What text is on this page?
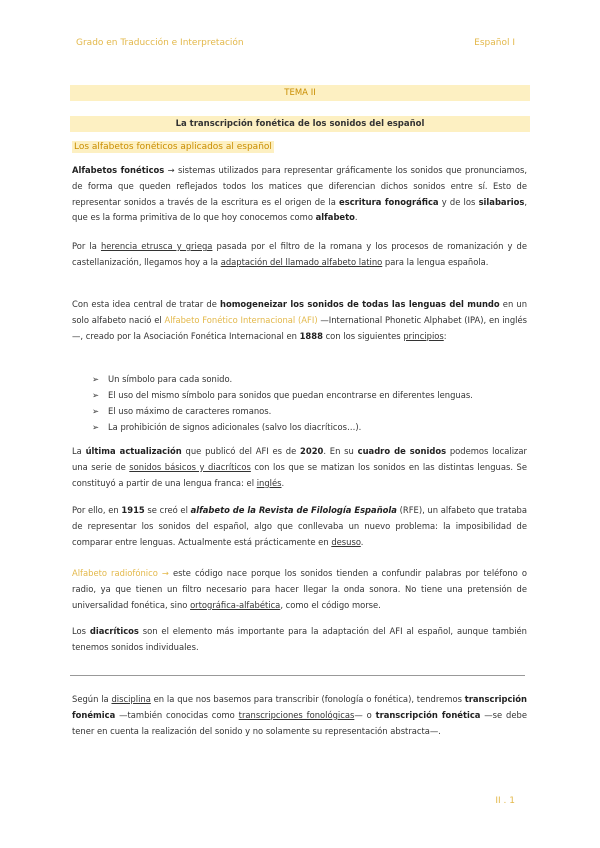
Grado en Traducción e Interpretación	Español I
TEMA II
La transcripción fonética de los sonidos del español
Los alfabetos fonéticos aplicados al español

Alfabetos fonéticos → sistemas utilizados para representar gráficamente los sonidos que pronunciamos, de forma que queden reflejados todos los matices que diferencian dichos sonidos entre sí. Esto de representar sonidos a través de la escritura es el origen de la escritura fonográfica y de los silabarios, que es la forma primitiva de lo que hoy conocemos como alfabeto.

Por la herencia etrusca y griega pasada por el filtro de la romana y los procesos de romanización y de castellanización, llegamos hoy a la adaptación del llamado alfabeto latino para la lengua española.

Con esta idea central de tratar de homogeneizar los sonidos de todas las lenguas del mundo en un solo alfabeto nació el Alfabeto Fonético Internacional (AFI) —International Phonetic Alphabet (IPA), en inglés—, creado por la Asociación Fonética Internacional en 1888 con los siguientes principios:

➢ Un símbolo para cada sonido.
➢ El uso del mismo símbolo para sonidos que puedan encontrarse en diferentes lenguas.
➢ El uso máximo de caracteres romanos.
➢ La prohibición de signos adicionales (salvo los diacríticos…).

La última actualización que publicó del AFI es de 2020. En su cuadro de sonidos podemos localizar una serie de sonidos básicos y diacríticos con los que se matizan los sonidos en las distintas lenguas. Se constituyó a partir de una lengua franca: el inglés.

Por ello, en 1915 se creó el alfabeto de la Revista de Filología Española (RFE), un alfabeto que trataba de representar los sonidos del español, algo que conllevaba un nuevo problema: la imposibilidad de comparar entre lenguas. Actualmente está prácticamente en desuso.

Alfabeto radiofónico → este código nace porque los sonidos tienden a confundir palabras por teléfono o radio, ya que tienen un filtro necesario para hacer llegar la onda sonora. No tiene una pretensión de universalidad fonética, sino ortográfica-alfabética, como el código morse.

Los diacríticos son el elemento más importante para la adaptación del AFI al español, aunque también tenemos sonidos individuales.

Según la disciplina en la que nos basemos para transcribir (fonología o fonética), tendremos transcripción fonémica —también conocidas como transcripciones fonológicas— o transcripción fonética —se debe tener en cuenta la realización del sonido y no solamente su representación abstracta—.

II . 1
